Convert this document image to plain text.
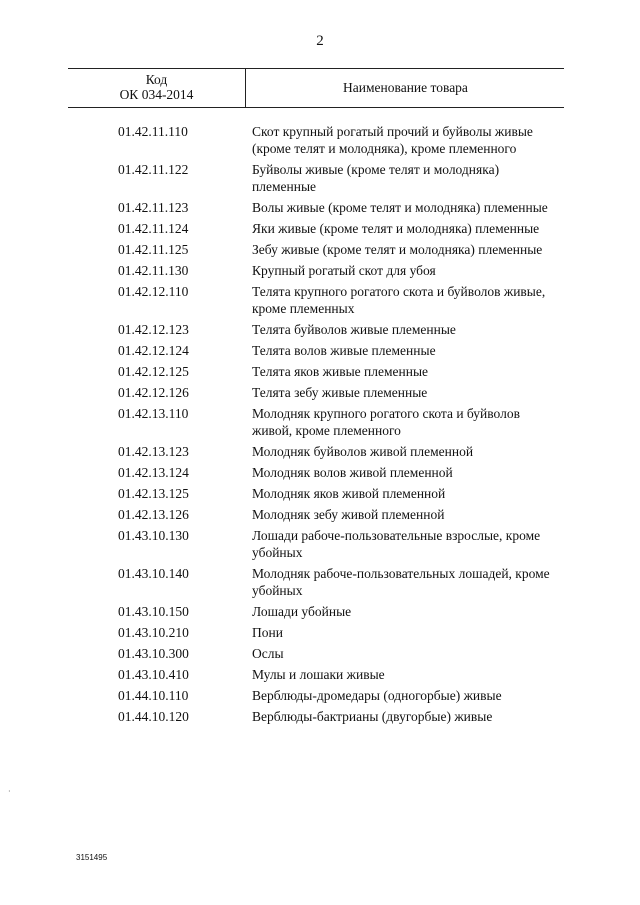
2
Код
ОК 034-2014	Наименование товара
01.42.11.110	Скот крупный рогатый прочий и буйволы живые (кроме телят и молодняка), кроме племенного
01.42.11.122	Буйволы живые (кроме телят и молодняка) племенные
01.42.11.123	Волы живые (кроме телят и молодняка) племенные
01.42.11.124	Яки живые (кроме телят и молодняка) племенные
01.42.11.125	Зебу живые (кроме телят и молодняка) племенные
01.42.11.130	Крупный рогатый скот для убоя
01.42.12.110	Телята крупного рогатого скота и буйволов живые, кроме племенных
01.42.12.123	Телята буйволов живые племенные
01.42.12.124	Телята волов живые племенные
01.42.12.125	Телята яков живые племенные
01.42.12.126	Телята зебу живые племенные
01.42.13.110	Молодняк крупного рогатого скота и буйволов живой, кроме племенного
01.42.13.123	Молодняк буйволов живой племенной
01.42.13.124	Молодняк волов живой племенной
01.42.13.125	Молодняк яков живой племенной
01.42.13.126	Молодняк зебу живой племенной
01.43.10.130	Лошади рабоче-пользовательные взрослые, кроме убойных
01.43.10.140	Молодняк рабоче-пользовательных лошадей, кроме убойных
01.43.10.150	Лошади убойные
01.43.10.210	Пони
01.43.10.300	Ослы
01.43.10.410	Мулы и лошаки живые
01.44.10.110	Верблюды-дромедары (одногорбые) живые
01.44.10.120	Верблюды-бактрианы (двугорбые) живые
·
3151495
